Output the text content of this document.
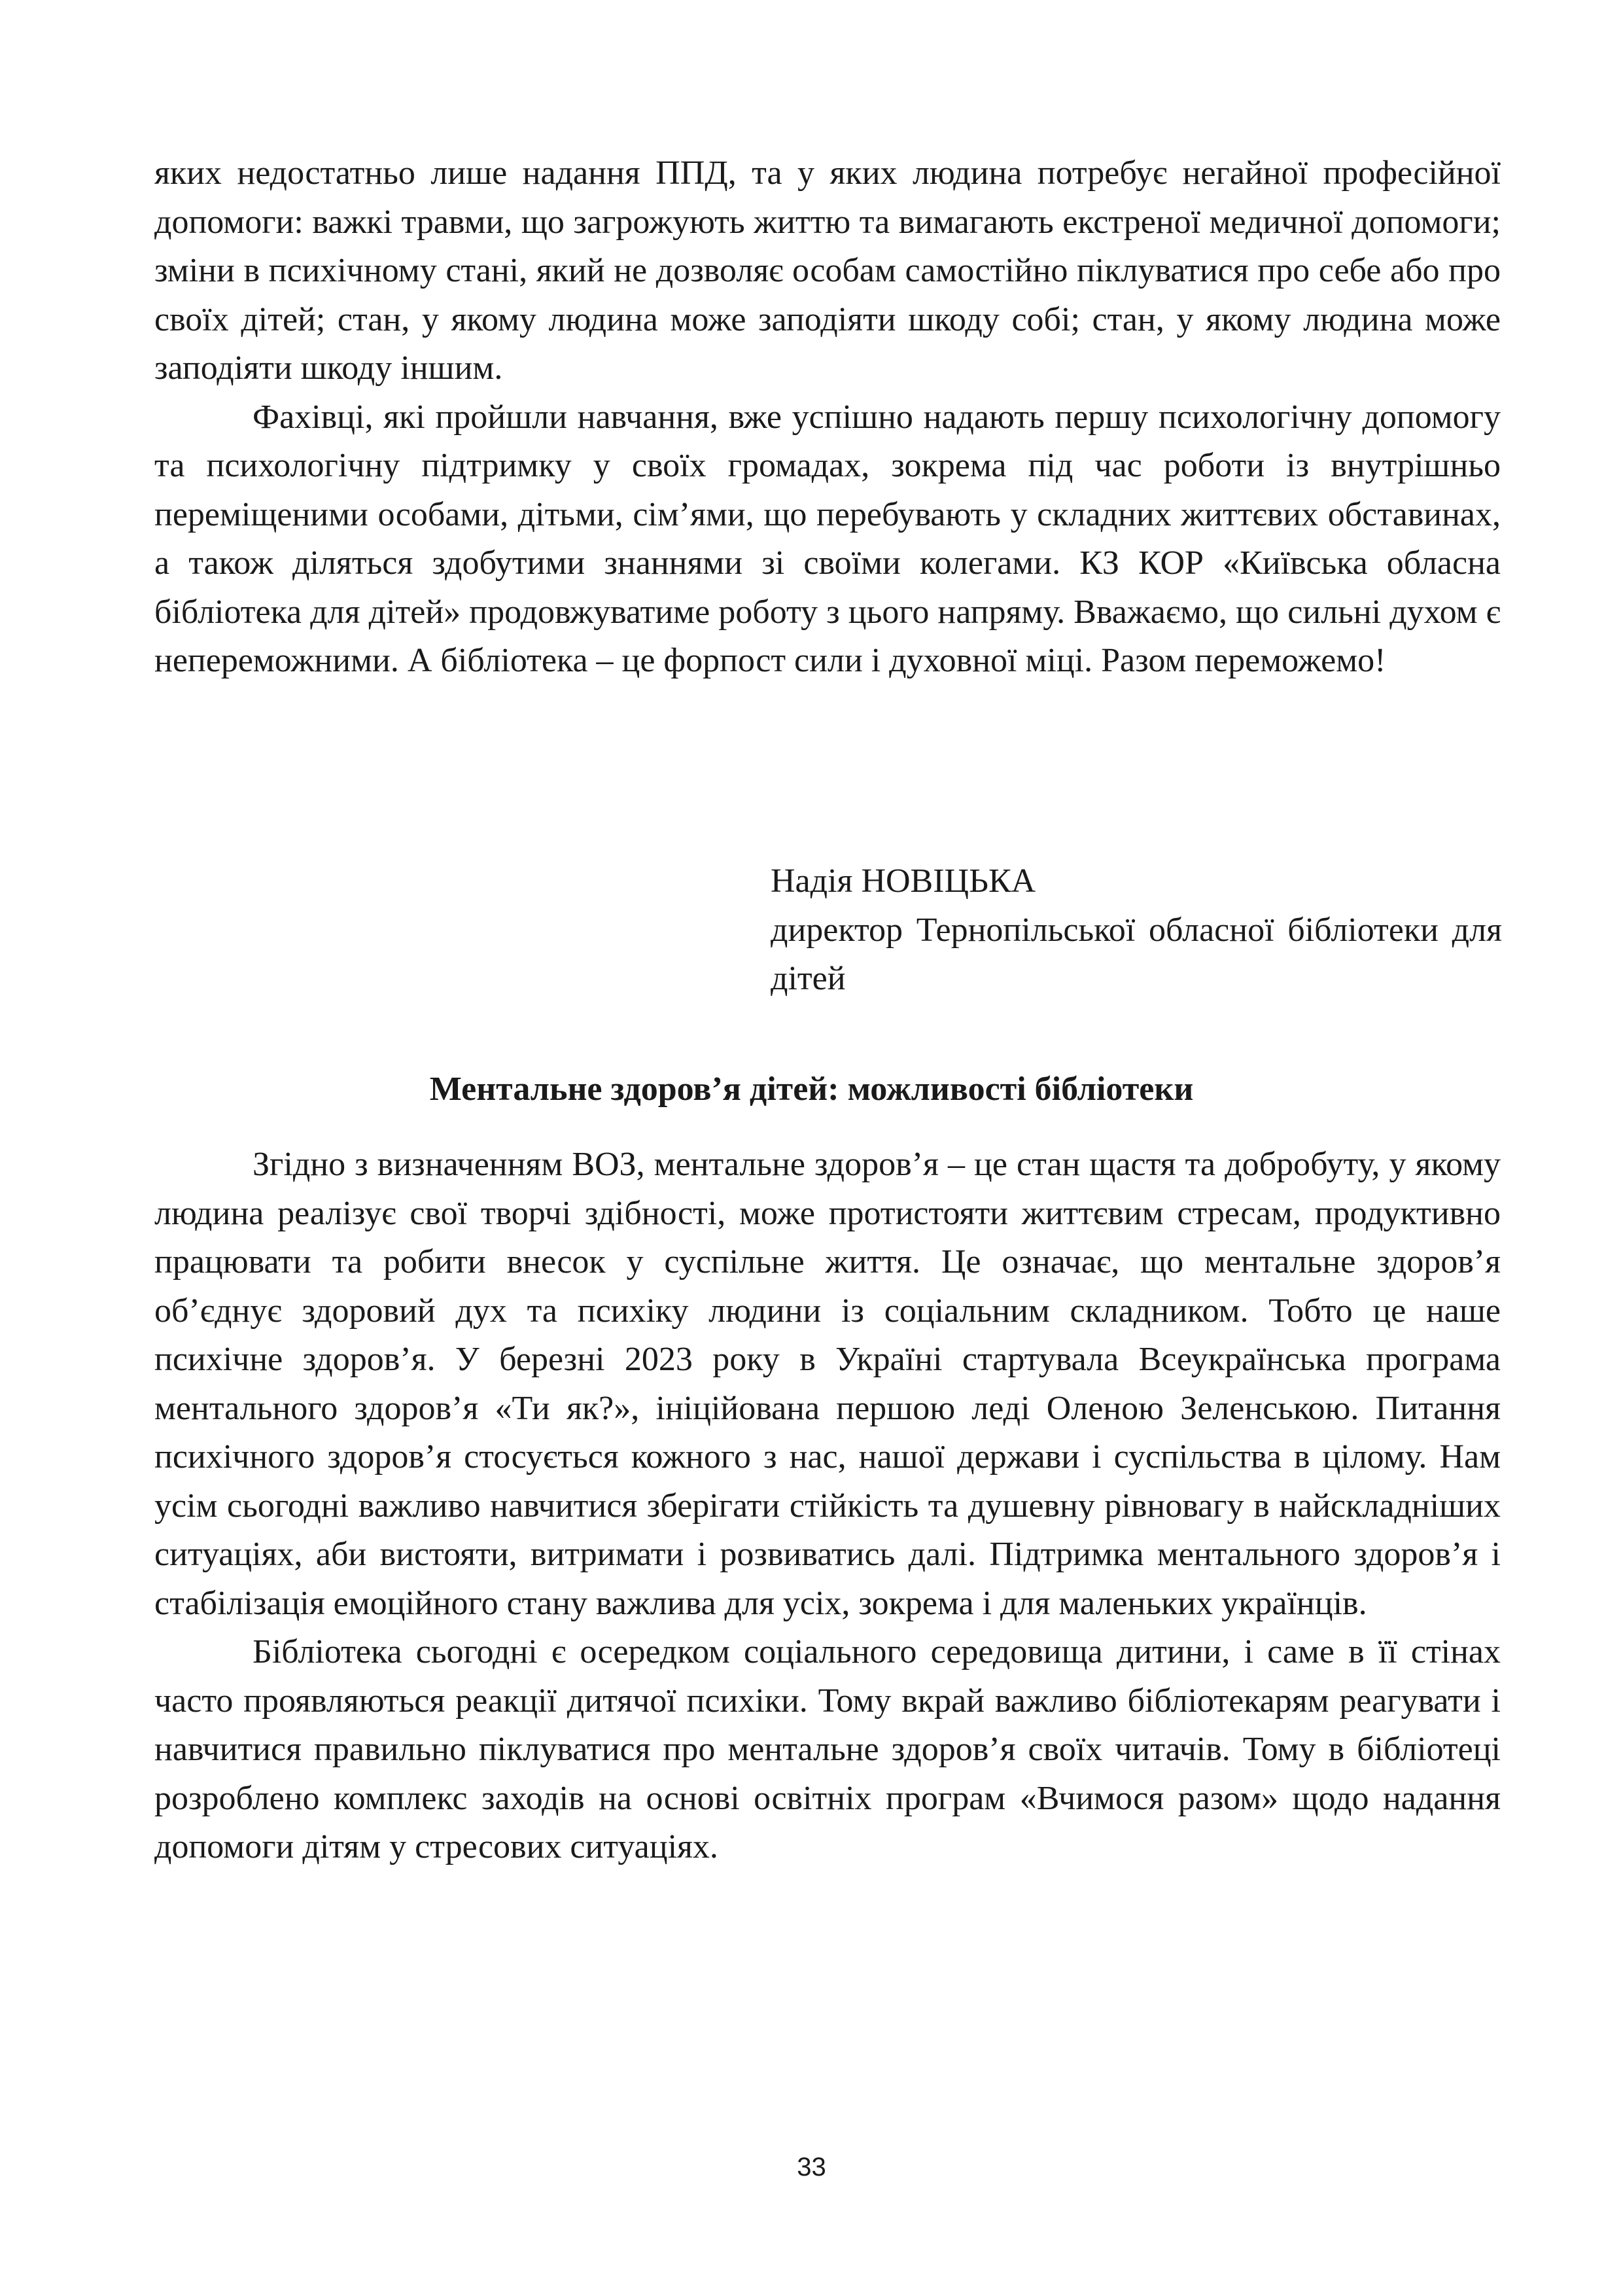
яких недостатньо лише надання ППД, та у яких людина потребує негайної професійної допомоги: важкі травми, що загрожують життю та вимагають екстреної медичної допомоги; зміни в психічному стані, який не дозволяє особам самостійно піклуватися про себе або про своїх дітей; стан, у якому людина може заподіяти шкоду собі; стан, у якому людина може заподіяти шкоду іншим.

Фахівці, які пройшли навчання, вже успішно надають першу психологічну допомогу та психологічну підтримку у своїх громадах, зокрема під час роботи із внутрішньо переміщеними особами, дітьми, сім’ями, що перебувають у складних життєвих обставинах, а також діляться здобутими знаннями зі своїми колегами. КЗ КОР «Київська обласна бібліотека для дітей» продовжуватиме роботу з цього напряму. Вважаємо, що сильні духом є непереможними. А бібліотека – це форпост сили і духовної міці. Разом переможемо!

Надія НОВІЦЬКА

директор Тернопільської обласної бібліотеки для дітей

Ментальне здоров’я дітей: можливості бібліотеки

Згідно з визначенням ВОЗ, ментальне здоров’я – це стан щастя та добробуту, у якому людина реалізує свої творчі здібності, може протистояти життєвим стресам, продуктивно працювати та робити внесок у суспільне життя. Це означає, що ментальне здоров’я об’єднує здоровий дух та психіку людини із соціальним складником. Тобто це наше психічне здоров’я. У березні 2023 року в Україні стартувала Всеукраїнська програма ментального здоров’я «Ти як?», ініційована першою леді Оленою Зеленською. Питання психічного здоров’я стосується кожного з нас, нашої держави і суспільства в цілому. Нам усім сьогодні важливо навчитися зберігати стійкість та душевну рівновагу в найскладніших ситуаціях, аби вистояти, витримати і розвиватись далі. Підтримка ментального здоров’я і стабілізація емоційного стану важлива для усіх, зокрема і для маленьких українців.

Бібліотека сьогодні є осередком соціального середовища дитини, і саме в її стінах часто проявляються реакції дитячої психіки. Тому вкрай важливо бібліотекарям реагувати і навчитися правильно піклуватися про ментальне здоров’я своїх читачів. Тому в бібліотеці розроблено комплекс заходів на основі освітніх програм «Вчимося разом» щодо надання допомоги дітям у стресових ситуаціях.

33
